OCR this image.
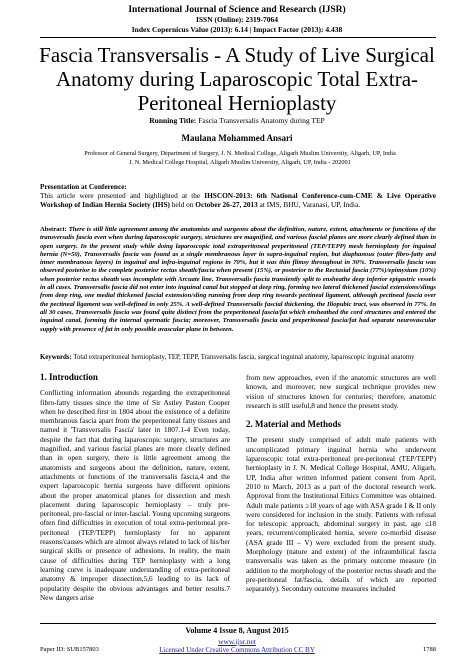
International Journal of Science and Research (IJSR)
ISSN (Online): 2319-7064
Index Copernicus Value (2013): 6.14 | Impact Factor (2013): 4.438
Fascia Transversalis - A Study of Live Surgical Anatomy during Laparoscopic Total Extra-Peritoneal Hernioplasty
Running Title: Fascia Transversalis Anatomy during TEP
Maulana Mohammed Ansari
Professor of General Surgery, Department of Surgery, J. N. Medical College, Aligarh Muslim University, Aligarh, UP, India
J. N. Medical College Hospital, Aligarh Muslim University, Aligarh, UP, India - 202001
Presentation at Conference:
This article were presented and highlighted at the IHSCON-2013: 6th National Conference-cum-CME & Live Operative Workshop of Indian Hernia Society (IHS) held on October 26-27, 2013 at IMS, BHU, Varanasi, UP, India.
Abstract: There is still little agreement among the anatomists and surgeons about the definition, nature, extent, attachments or functions of the transversalis fascia even when during laparoscopic surgery, structures are magnified, and various fascial planes are more clearly defined than in open surgery. In the present study while doing laparoscopic total extraperitoneal preperitoneal (TEP/TEPP) mesh hernioplasty for inguinal hernia (N=50), Transversalis fascia was found as a single membranous layer in supra-inguinal region, but diaphanous (outer fibro-fatty and inner membranous layers) in inguinal and infra-inguinal regions in 70%, but it was thin flimsy throughout in 30%. Transversalis fascia was observed posterior to the complete posterior rectus sheath/fascia when present (15%), or posterior to the Rectusial fascia (77%)/epimysium (10%) when posterior rectus sheath was incomplete with Arcuate line. Transversalis fascia transiently split to ensheathe deep inferior epigastric vessels in all cases. Transversalis fascia did not enter into inguinal canal but stopped at deep ring, forming two lateral thickened fascial extensions/slings from deep ring, one medial thickened fascial extension/sling running from deep ring towards pectineal ligament, although pectineal fascia over the pectineal ligament was well-defined in only 25%. A well-defined Transversalis fascial thickening, the Iliopubic tract, was observed in 77%. In all 30 cases, Transversalis fascia was found quite distinct from the preperitoneal fascia/fat which ensheathed the cord structures and entered the inguinal canal, forming the internal spermatic fascia; moreover, Transversalis fascia and preperitoneal fascia/fat had separate neurovascular supply with presence of fat in only possible avascular plane in between.
Keywords: Total extraperitoneal hernioplasty, TEP, TEPP, Transversalis fascia, surgical inguinal anatomy, laparoscopic inguinal anatomy
1. Introduction

Conflicting information abounds regarding the extraperitoneal fibro-fatty tissues since the time of Sir Astley Paston Cooper when he described first in 1804 about the existence of a definite membranous fascia apart from the preperitoneal fatty tissues and named it 'Transversalis Fascia' later in 1807.1-4 Even today, despite the fact that during laparoscopic surgery, structures are magnified, and various fascial planes are more clearly defined than in open surgery, there is little agreement among the anatomists and surgeons about the definition, nature, extent, attachments or functions of the transversalis fascia,4 and the expert laparoscopic hernia surgeons have different opinions about the proper anatomical planes for dissection and mesh placement during laparoscopic hernioplasty – truly pre-peritoneal, pre-fascial or inter-fascial. Young upcoming surgeons often find difficulties in execution of total extra-peritoneal pre-peritoneal (TEP/TEPP) hernioplasty for no apparent reasons/causes which are almost always related to lack of his/her surgical skills or presence of adhesions. In reality, the main cause of difficulties during TEP hernioplasty with a long learning curve is inadequate understanding of extra-peritoneal anatomy & improper dissection,5,6 leading to its lack of popularity despite the obvious advantages and better results.7 New dangers arise

from new approaches, even if the anatomic structures are well known, and moreover, new surgical technique provides new vision of structures known for centuries; therefore, anatomic research is still useful,8 and hence the present study.

2. Material and Methods

The present study comprised of adult male patients with uncomplicated primary inguinal hernia who underwent laparoscopic total extra-peritoneal pre-peritoneal (TEP/TEPP) hernioplasty in J. N. Medical College Hospital, AMU, Aligarh, UP, India after written informed patient consent from April, 2010 to March, 2013 as a part of the doctoral research work. Approval from the Institutional Ethics Committee was obtained. Adult male patients ≥18 years of age with ASA grade I & II only were considered for inclusion in the study. Patients with refusal for telescopic approach, abdominal surgery in past, age ≤18 years, recurrent/complicated hernia, severe co-morbid disease (ASA grade III – V) were excluded from the present study. Morphology (nature and extent) of the infraumbilical fascia transversalis was taken as the primary outcome measure (in addition to the morphology of the posterior rectus sheath and the pre-peritoneal fat/fascia, details of which are reported separately). Secondary outcome measures included

Volume 4 Issue 8, August 2015
www.ijsr.net
Paper ID: SUB157803	Licensed Under Creative Commons Attribution CC BY	1788
